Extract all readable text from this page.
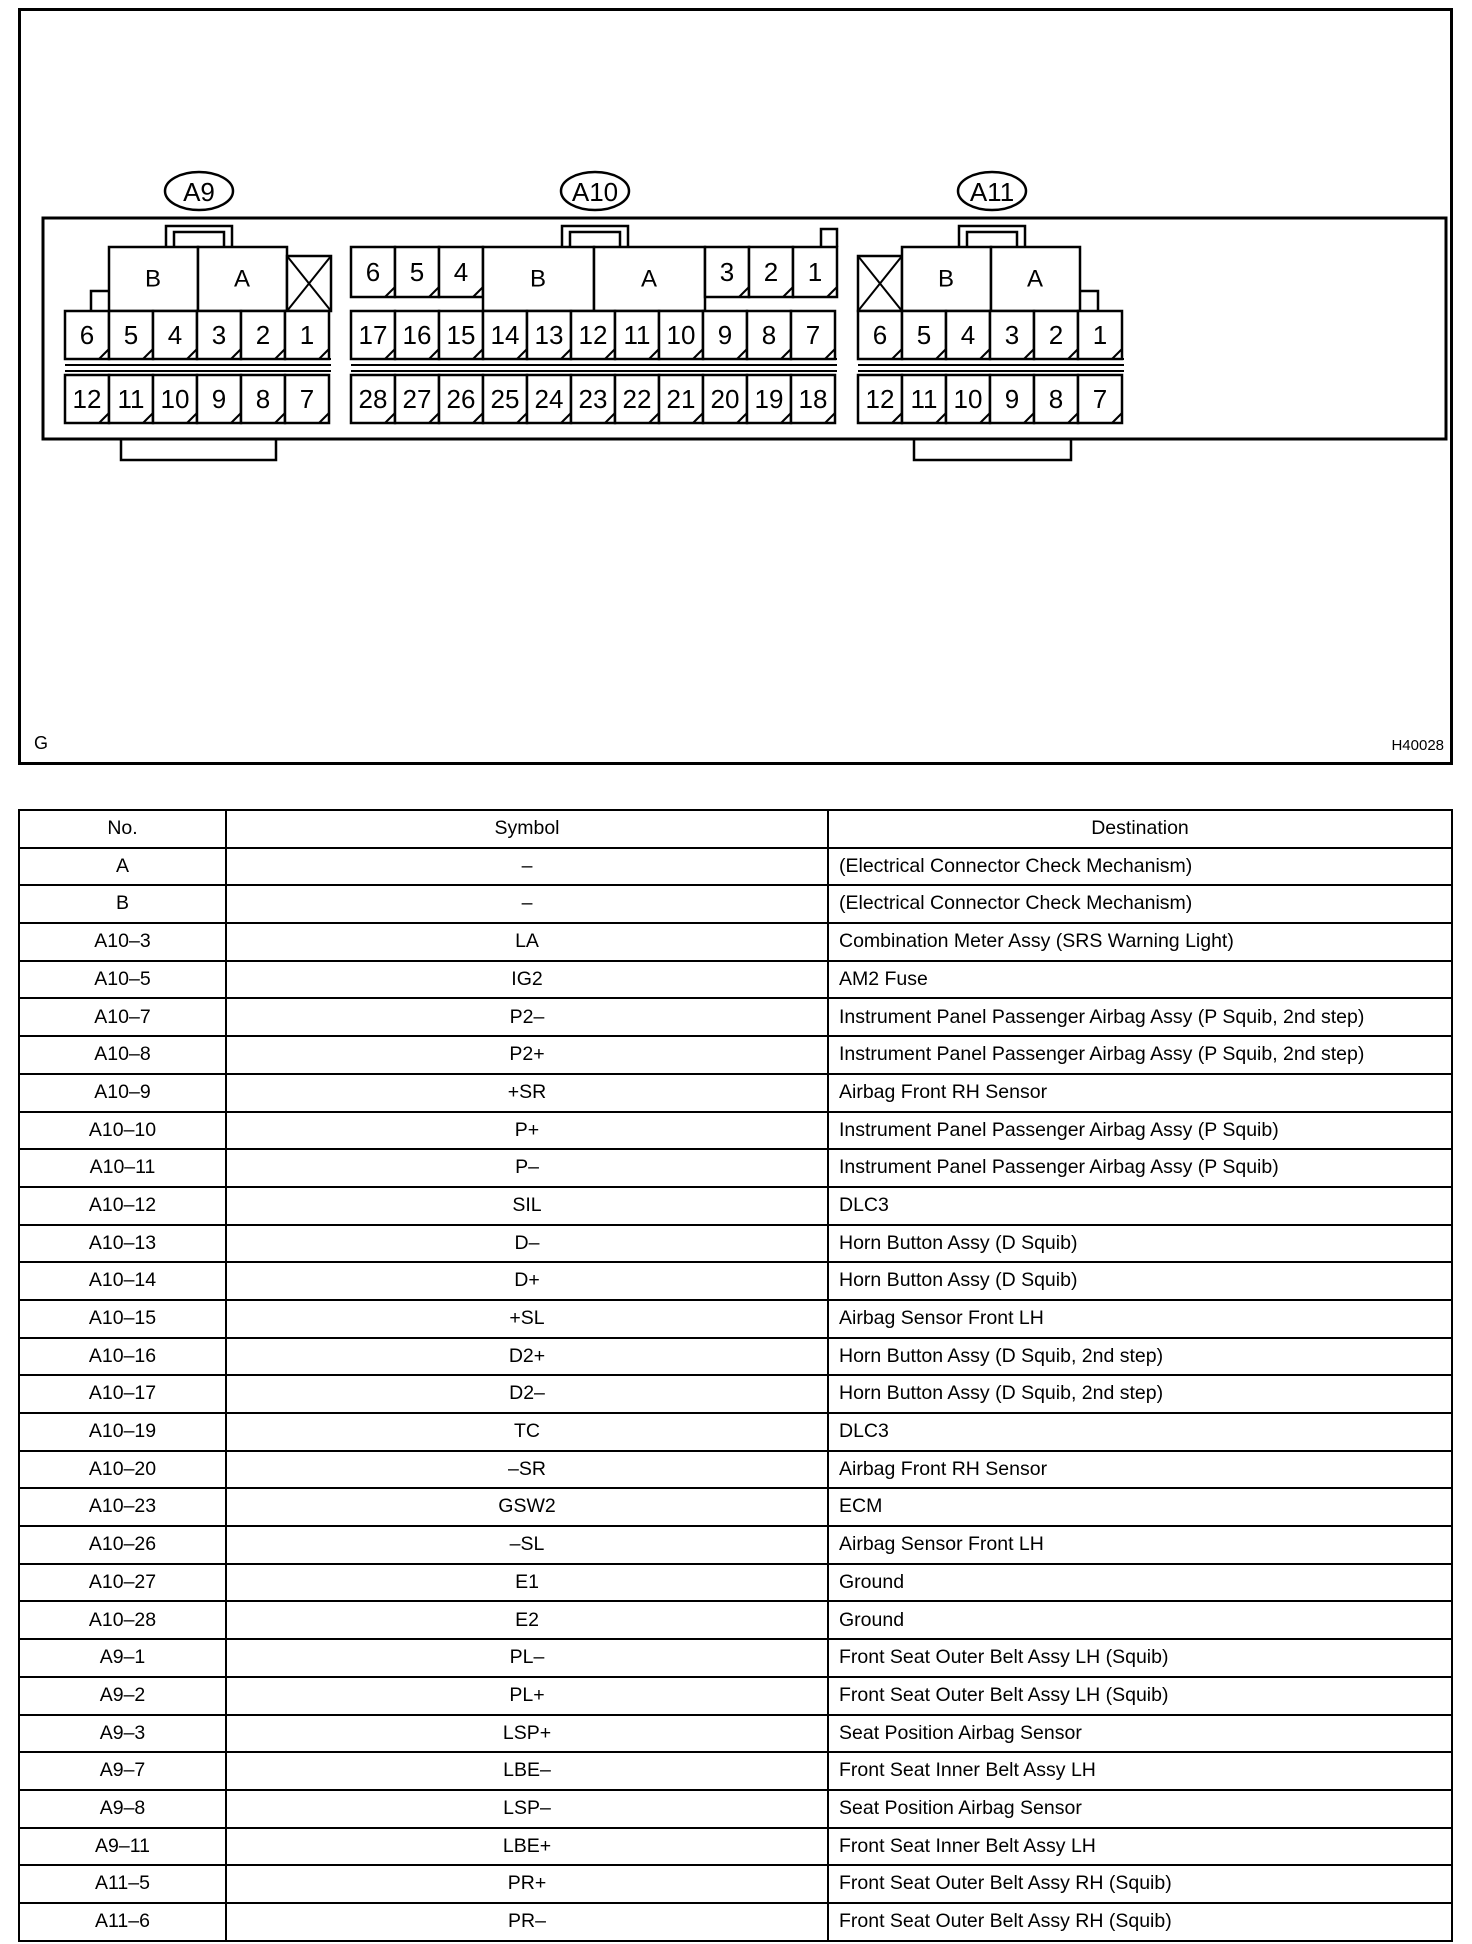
A9
B	A
6
12
5
11
4
10
3
9
2
8
1
7
A10
6 5 4	B	A 3 2 1
17
28
16
27
15
26
14
25
13
24
12
23
11
22
10
21
9
20
8
19
7
18
A11
B	A
6
12
5
11
4
10
3
9
2
8
1
7
G	H40028
No.	Symbol	Destination
A	–	(Electrical Connector Check Mechanism)
B	–	(Electrical Connector Check Mechanism)
A10–3	LA	Combination Meter Assy (SRS Warning Light)
A10–5	IG2	AM2 Fuse
A10–7	P2–	Instrument Panel Passenger Airbag Assy (P Squib, 2nd step)
A10–8	P2+	Instrument Panel Passenger Airbag Assy (P Squib, 2nd step)
A10–9	+SR	Airbag Front RH Sensor
A10–10	P+	Instrument Panel Passenger Airbag Assy (P Squib)
A10–11	P–	Instrument Panel Passenger Airbag Assy (P Squib)
A10–12	SIL	DLC3
A10–13	D–	Horn Button Assy (D Squib)
A10–14	D+	Horn Button Assy (D Squib)
A10–15	+SL	Airbag Sensor Front LH
A10–16	D2+	Horn Button Assy (D Squib, 2nd step)
A10–17	D2–	Horn Button Assy (D Squib, 2nd step)
A10–19	TC	DLC3
A10–20	–SR	Airbag Front RH Sensor
A10–23	GSW2	ECM
A10–26	–SL	Airbag Sensor Front LH
A10–27	E1	Ground
A10–28	E2	Ground
A9–1	PL–	Front Seat Outer Belt Assy LH (Squib)
A9–2	PL+	Front Seat Outer Belt Assy LH (Squib)
A9–3	LSP+	Seat Position Airbag Sensor
A9–7	LBE–	Front Seat Inner Belt Assy LH
A9–8	LSP–	Seat Position Airbag Sensor
A9–11	LBE+	Front Seat Inner Belt Assy LH
A11–5	PR+	Front Seat Outer Belt Assy RH (Squib)
A11–6	PR–	Front Seat Outer Belt Assy RH (Squib)
